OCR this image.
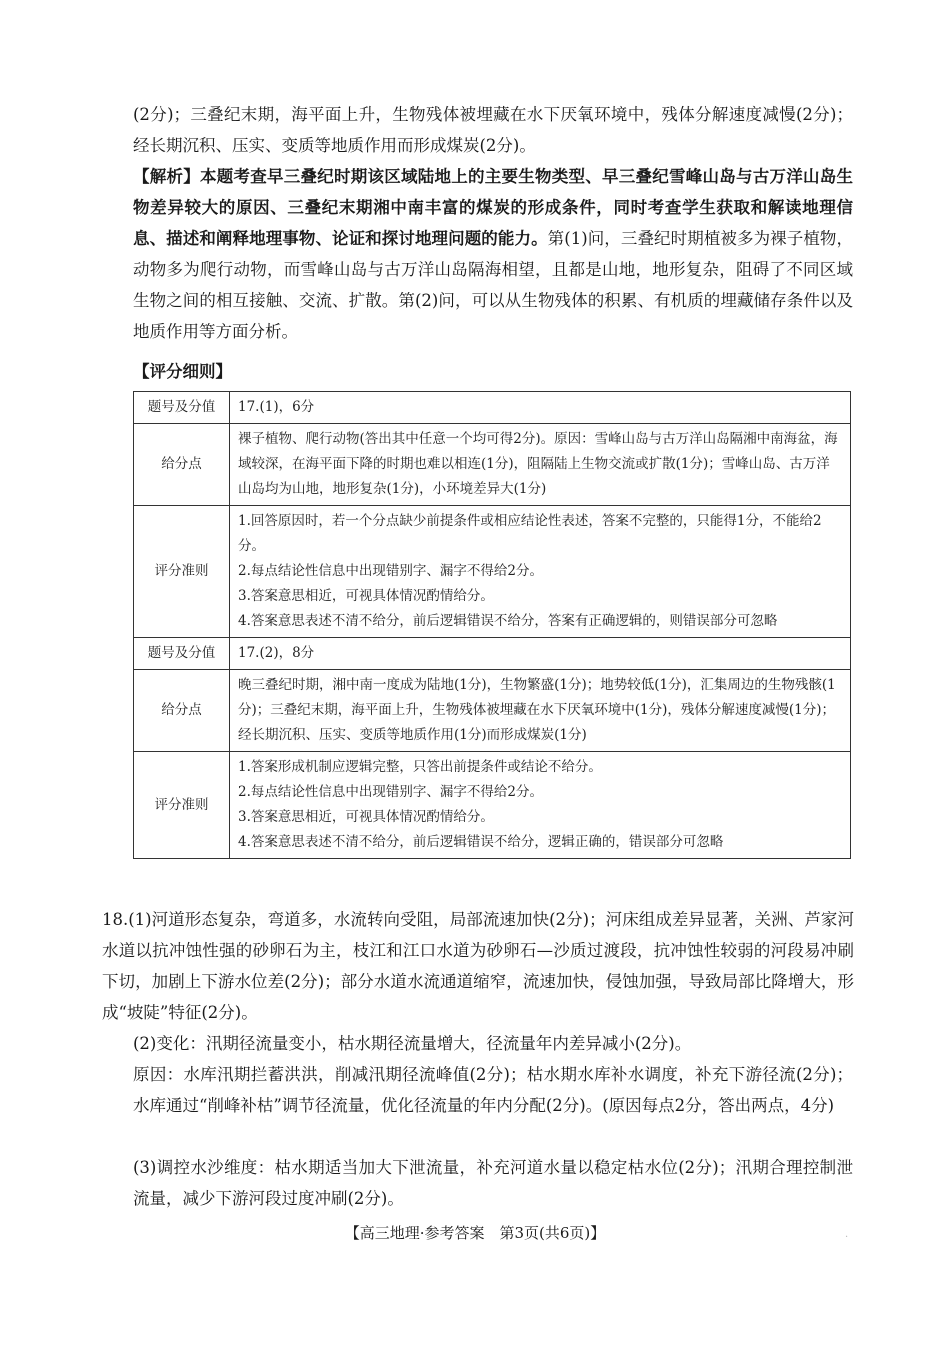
(2分)；三叠纪末期，海平面上升，生物残体被埋藏在水下厌氧环境中，残体分解速度减慢(2分)；经长期沉积、压实、变质等地质作用而形成煤炭(2分)。
【解析】本题考查早三叠纪时期该区域陆地上的主要生物类型、早三叠纪雪峰山岛与古万洋山岛生物差异较大的原因、三叠纪末期湘中南丰富的煤炭的形成条件，同时考查学生获取和解读地理信息、描述和阐释地理事物、论证和探讨地理问题的能力。第(1)问，三叠纪时期植被多为裸子植物，动物多为爬行动物，而雪峰山岛与古万洋山岛隔海相望，且都是山地，地形复杂，阻碍了不同区域生物之间的相互接触、交流、扩散。第(2)问，可以从生物残体的积累、有机质的埋藏储存条件以及地质作用等方面分析。
【评分细则】
题号及分值	17.(1)，6分
给分点	裸子植物、爬行动物(答出其中任意一个均可得2分)。原因：雪峰山岛与古万洋山岛隔湘中南海盆，海域较深，在海平面下降的时期也难以相连(1分)，阻隔陆上生物交流或扩散(1分)；雪峰山岛、古万洋山岛均为山地，地形复杂(1分)，小环境差异大(1分)
评分准则	1.回答原因时，若一个分点缺少前提条件或相应结论性表述，答案不完整的，只能得1分，不能给2分。
2.每点结论性信息中出现错别字、漏字不得给2分。
3.答案意思相近，可视具体情况酌情给分。
4.答案意思表述不清不给分，前后逻辑错误不给分，答案有正确逻辑的，则错误部分可忽略

题号及分值	17.(2)，8分
给分点	晚三叠纪时期，湘中南一度成为陆地(1分)，生物繁盛(1分)；地势较低(1分)，汇集周边的生物残骸(1分)；三叠纪末期，海平面上升，生物残体被埋藏在水下厌氧环境中(1分)，残体分解速度减慢(1分)；经长期沉积、压实、变质等地质作用(1分)而形成煤炭(1分)
评分准则	1.答案形成机制应逻辑完整，只答出前提条件或结论不给分。
2.每点结论性信息中出现错别字、漏字不得给2分。
3.答案意思相近，可视具体情况酌情给分。
4.答案意思表述不清不给分，前后逻辑错误不给分，逻辑正确的，错误部分可忽略
18.(1)河道形态复杂，弯道多，水流转向受阻，局部流速加快(2分)；河床组成差异显著，关洲、芦家河水道以抗冲蚀性强的砂卵石为主，枝江和江口水道为砂卵石—沙质过渡段，抗冲蚀性较弱的河段易冲刷下切，加剧上下游水位差(2分)；部分水道水流通道缩窄，流速加快，侵蚀加强，导致局部比降增大，形成“坡陡”特征(2分)。
(2)变化：汛期径流量变小，枯水期径流量增大，径流量年内差异减小(2分)。
原因：水库汛期拦蓄洪洪，削减汛期径流峰值(2分)；枯水期水库补水调度，补充下游径流(2分)；水库通过“削峰补枯”调节径流量，优化径流量的年内分配(2分)。(原因每点2分，答出两点，4分)
(3)调控水沙维度：枯水期适当加大下泄流量，补充河道水量以稳定枯水位(2分)；汛期合理控制泄流量，减少下游河段过度冲刷(2分)。
【高三地理·参考答案　第3页(共6页)】	·
